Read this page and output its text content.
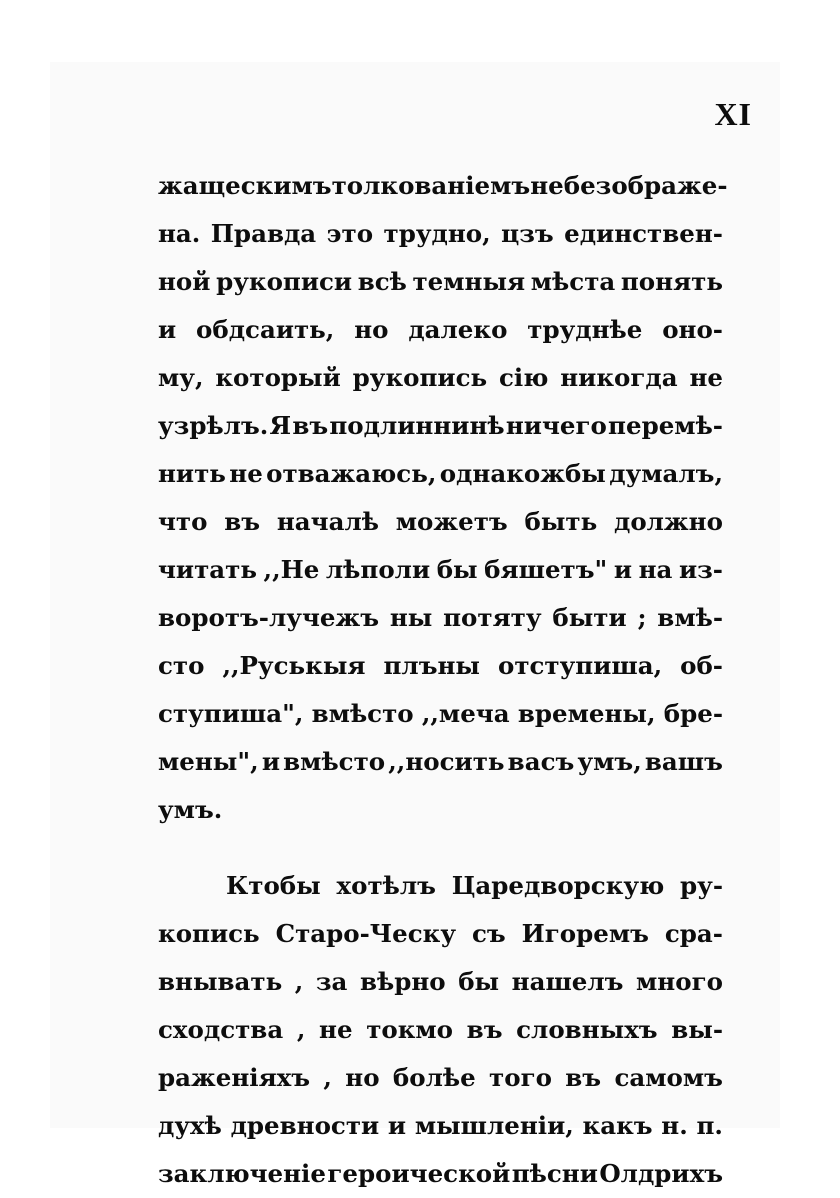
XI
жащескимъ толкованіемъ не безображе-
на. Правда это трудно, цзъ единствен-
ной рукописи всѣ темныя мѣста понять
и обдсаить, но далеко труднѣе оно-
му, который рукопись сію никогда не
узрѣлъ. Я въ подлиннинѣ ничего перемѣ-
нить не отважаюсь, однакожбы думалъ,
что въ началѣ можетъ быть должно
читать ,,Не лѣполи бы бяшетъ" и на из-
воротъ-лучежъ ны потяту быти ; вмѣ-
сто ,,Руськыя плъны отступиша, об-
ступиша", вмѣсто ,,меча времены, бре-
мены", и вмѣсто ,,носить васъ умъ, вашъ
умъ.
Ктобы хотѣлъ Царедворскую ру-
копись Старо-Ческу съ Игоремъ сра-
внывать , за вѣрно бы нашелъ много
сходства , не токмо въ словныхъ вы-
раженіяхъ , но болѣе того въ самомъ
духѣ древности и мышленіи, какъ н. п.
заключеніе героической пѣсни Олдрихъ
